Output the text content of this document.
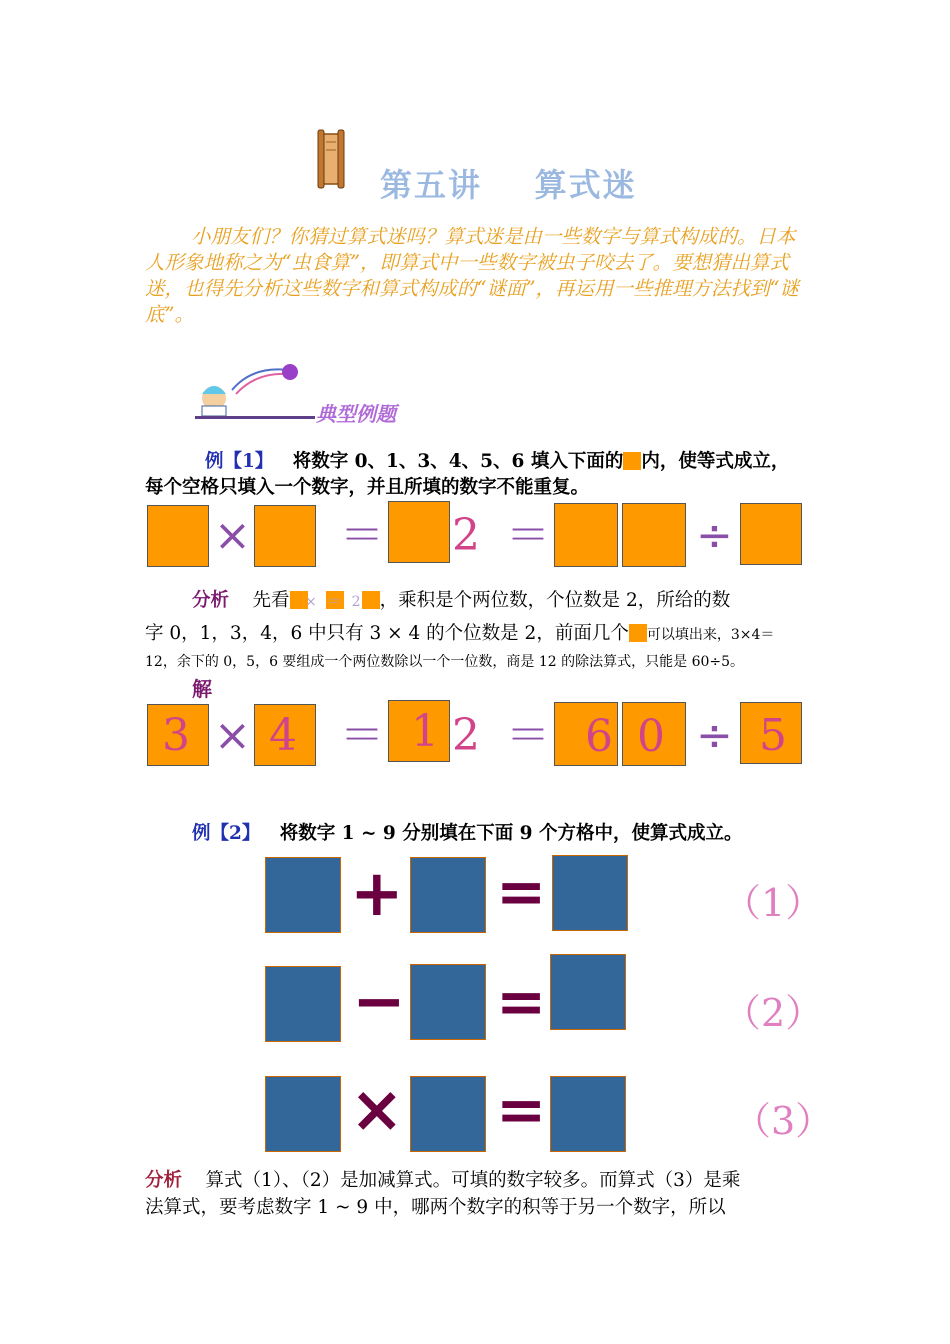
第五讲    算式迷
小朋友们？你猜过算式迷吗？算式迷是由一些数字与算式构成的。日本人形象地称之为“虫食算”，即算式中一些数字被虫子咬去了。要想猜出算式迷，也得先分析这些数字和算式构成的“谜面”，再运用一些推理方法找到“谜底”。
典型例题
例【1】 将数字 0、1、3、4、5、6 填入下面的 内，使等式成立，
每个空格只填入一个数字，并且所填的数字不能重复。
× ＝ 2 ＝	÷
分析 先看	，乘积是个两位数，个位数是 2，所给的数
× ＝ 2
字 0，1，3，4，6 中只有 3 × 4 的个位数是 2，前面几个 可以填出来，3×4＝
12，余下的 0，5，6 要组成一个两位数除以一个一位数，商是 12 的除法算式，只能是 60÷5。
解
3 × 4 ＝ 1 2 ＝ 6 0 ÷ 5
例【2】 将数字 1 ~ 9 分别填在下面 9 个方格中，使算式成立。
+ =	（1）
− =	（2）
× =	（3）
分析 算式（1）、（2）是加减算式。可填的数字较多。而算式（3）是乘
法算式，要考虑数字 1 ~ 9 中，哪两个数字的积等于另一个数字，所以
